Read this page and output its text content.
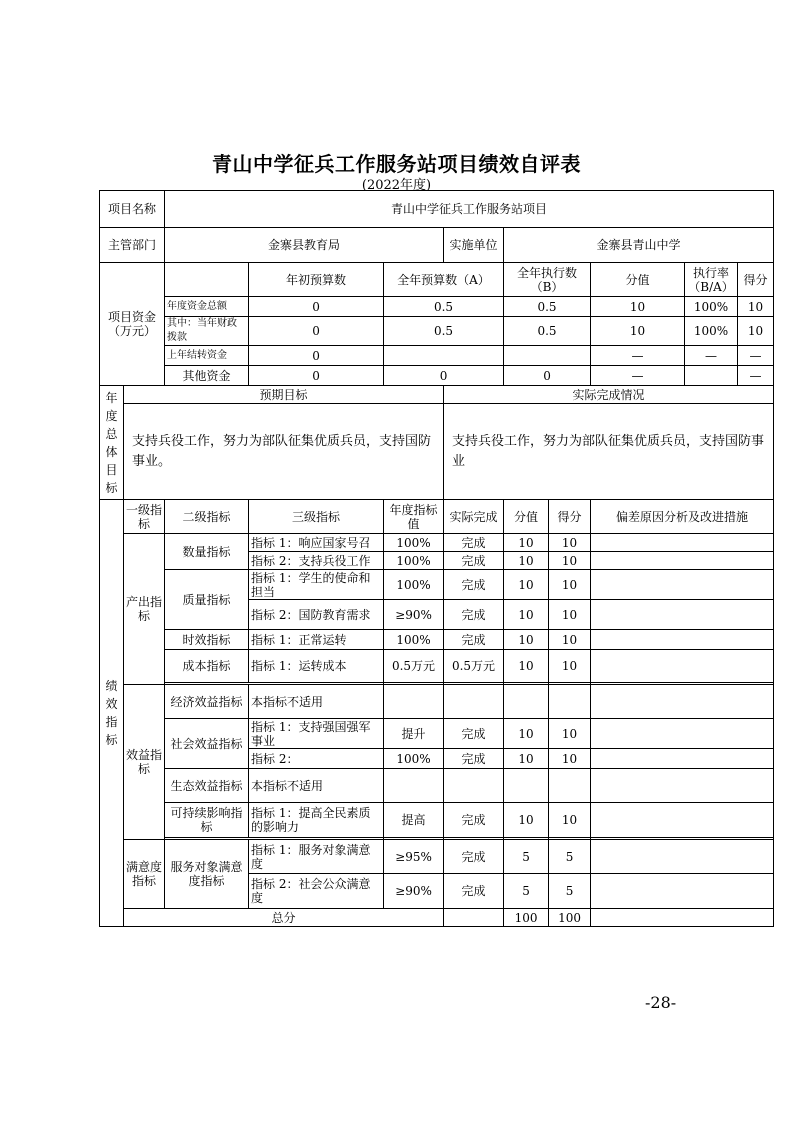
青山中学征兵工作服务站项目绩效自评表
(2022年度)
项目名称		青山中学征兵工作服务站项目								
主管部门		金寨县教育局			实施单位	金寨县青山中学				
项目资金（万元）			年初预算数	全年预算数（A）		全年执行数（B）		分值	执行率（B/A）	得分
		年度资金总额	0	0.5		0.5		10	100%	10
		其中：当年财政拨款	0	0.5		0.5		10	100%	10
		上年结转资金	0					—	—	—
		其他资金	0	0		0		—		—
年度总体目标	预期目标				实际完成情况					
	支持兵役工作，努力为部队征集优质兵员，支持国防事业。				支持兵役工作，努力为部队征集优质兵员，支持国防事业					
绩效指标	一级指标	二级指标	三级指标	年度指标值	实际完成	分值	得分	偏差原因分析及改进措施		
	产出指标	数量指标	指标 1：响应国家号召	100%	完成	10	10			
			指标 2：支持兵役工作	100%	完成	10	10			
		质量指标	指标 1：学生的使命和担当	100%	完成	10	10			
			指标 2：国防教育需求	≥90%	完成	10	10			
		时效指标	指标 1：正常运转	100%	完成	10	10			
		成本指标	指标 1：运转成本	0.5万元	0.5万元	10	10			

	效益指标	经济效益指标	本指标不适用							
		社会效益指标	指标 1：支持强国强军事业	提升	完成	10	10			
			指标 2：	100%	完成	10	10			
		生态效益指标	本指标不适用							
		可持续影响指标	指标 1：提高全民素质的影响力	提高	完成	10	10			

	满意度指标	服务对象满意度指标	指标 1：服务对象满意度	≥95%	完成	5	5			
			指标 2：社会公众满意度	≥90%	完成	5	5			
	总分					100	100			
-28-
